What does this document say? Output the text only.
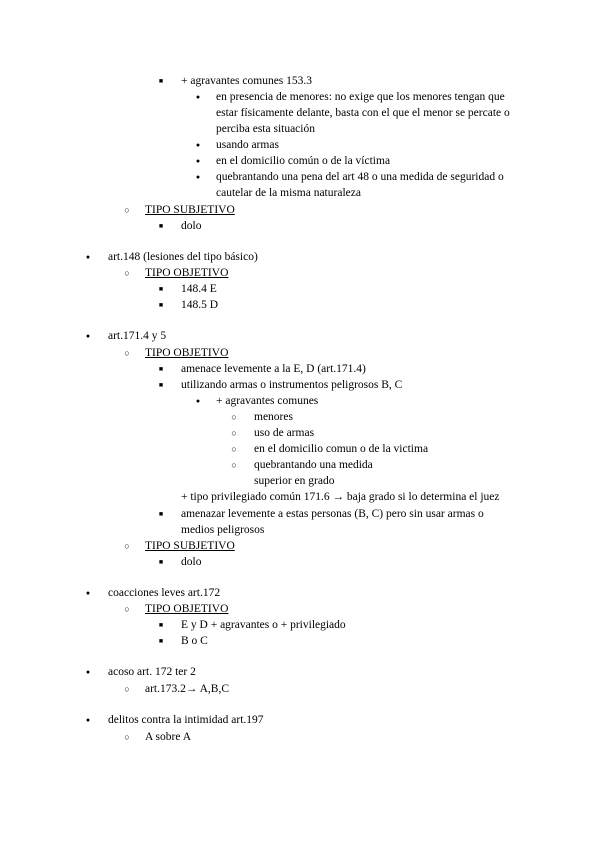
■
+ agravantes comunes 153.3
●
en presencia de menores: no exige que los menores tengan que
estar físicamente delante, basta con el que el menor se percate o
perciba esta situación
●
usando armas
●
en el domicilio común o de la víctima
●
quebrantando una pena del art 48 o una medida de seguridad o
cautelar de la misma naturaleza
○
TIPO SUBJETIVO
■
dolo
●
art.148 (lesiones del tipo básico)
○
TIPO OBJETIVO
■
148.4 E
■
148.5 D
●
art.171.4 y 5
○
TIPO OBJETIVO
■
amenace levemente a la E, D (art.171.4)
■
utilizando armas o instrumentos peligrosos B, C
●
+ agravantes comunes
○
menores
○
uso de armas
○
en el domicilio comun o de la victima
○
quebrantando una medida
superior en grado
+ tipo privilegiado común 171.6 → baja grado si lo determina el juez
■
amenazar levemente a estas personas (B, C) pero sin usar armas o
medios peligrosos
○
TIPO SUBJETIVO
■
dolo
●
coacciones leves art.172
○
TIPO OBJETIVO
■
E y D + agravantes o + privilegiado
■
B o C
●
acoso art. 172 ter 2
○
art.173.2→ A,B,C
●
delitos contra la intimidad art.197
○
A sobre A
